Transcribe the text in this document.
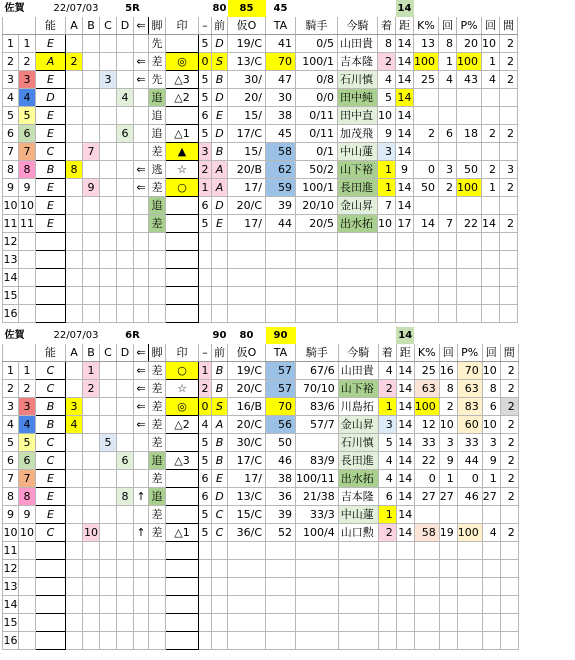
佐賀		22/07/03				5R					80	85	45				14					
		能	A	B	C	D	⇐	脚	印	–	前	仮O	TA	騎手	今騎	着	距	K%	回	P%	回	間
1	1	E						先		5	D	19/C	41	0/5	山田貴	8	14	13	8	20	10	2
2	2	A	2				⇐	差	◎	0	S	13/C	70	100/1	吉本隆	2	14	100	1	100	1	2
3	3	E			3		⇐	先	△3	5	B	30/	47	0/8	石川慎	4	14	25	4	43	4	2
4	4	D				4		追	△2	5	D	20/	30	0/0	田中純	5	14					
5	5	E						追		6	E	15/	38	0/11	田中直	10	14					
6	6	E				6		追	△1	5	D	17/C	45	0/11	加茂飛	9	14	2	6	18	2	2
7	7	C		7				差	▲	3	B	15/	58	0/1	中山蓮	3	14					
8	8	B	8				⇐	逃	☆	2	A	20/B	62	50/2	山下裕	1	9	0	3	50	2	3
9	9	E		9			⇐	差	○	1	A	17/	59	100/1	長田進	1	14	50	2	100	1	2
10	10	E						追		6	D	20/C	39	20/10	金山昇	7	14					
11	11	E						差		5	E	17/	44	20/5	出水拓	10	17	14	7	22	14	2
12																						
13																						
14																						
15																						
16																						
佐賀		22/07/03				6R					90	80	90				14					
		能	A	B	C	D	⇐	脚	印	–	前	仮O	TA	騎手	今騎	着	距	K%	回	P%	回	間
1	1	C		1			⇐	差	○	1	B	19/C	57	67/6	山田貴	4	14	25	16	70	10	2
2	2	C		2			⇐	差	☆	2	B	20/C	57	70/10	山下裕	2	14	63	8	63	8	2
3	3	B	3				⇐	差	◎	0	S	16/B	70	83/6	川島拓	1	14	100	2	83	6	2
4	4	B	4				⇐	差	△2	4	A	20/C	56	57/7	金山昇	3	14	12	10	60	10	2
5	5	C			5			差		5	B	30/C	50		石川慎	5	14	33	3	33	3	2
6	6	C				6		追	△3	5	B	17/C	46	83/9	長田進	4	14	22	9	44	9	2
7	7	E						差		6	E	17/	38	100/11	出水拓	4	14	0	1	0	1	2
8	8	E				8	↑	追		6	D	13/C	36	21/38	吉本隆	6	14	27	27	46	27	2
9	9	E						差		5	C	15/C	39	33/3	中山蓮	1	14					
10	10	C		10			↑	差	△1	5	C	36/C	52	100/4	山口勲	2	14	58	19	100	4	2
11																						
12																						
13																						
14																						
15																						
16																						
